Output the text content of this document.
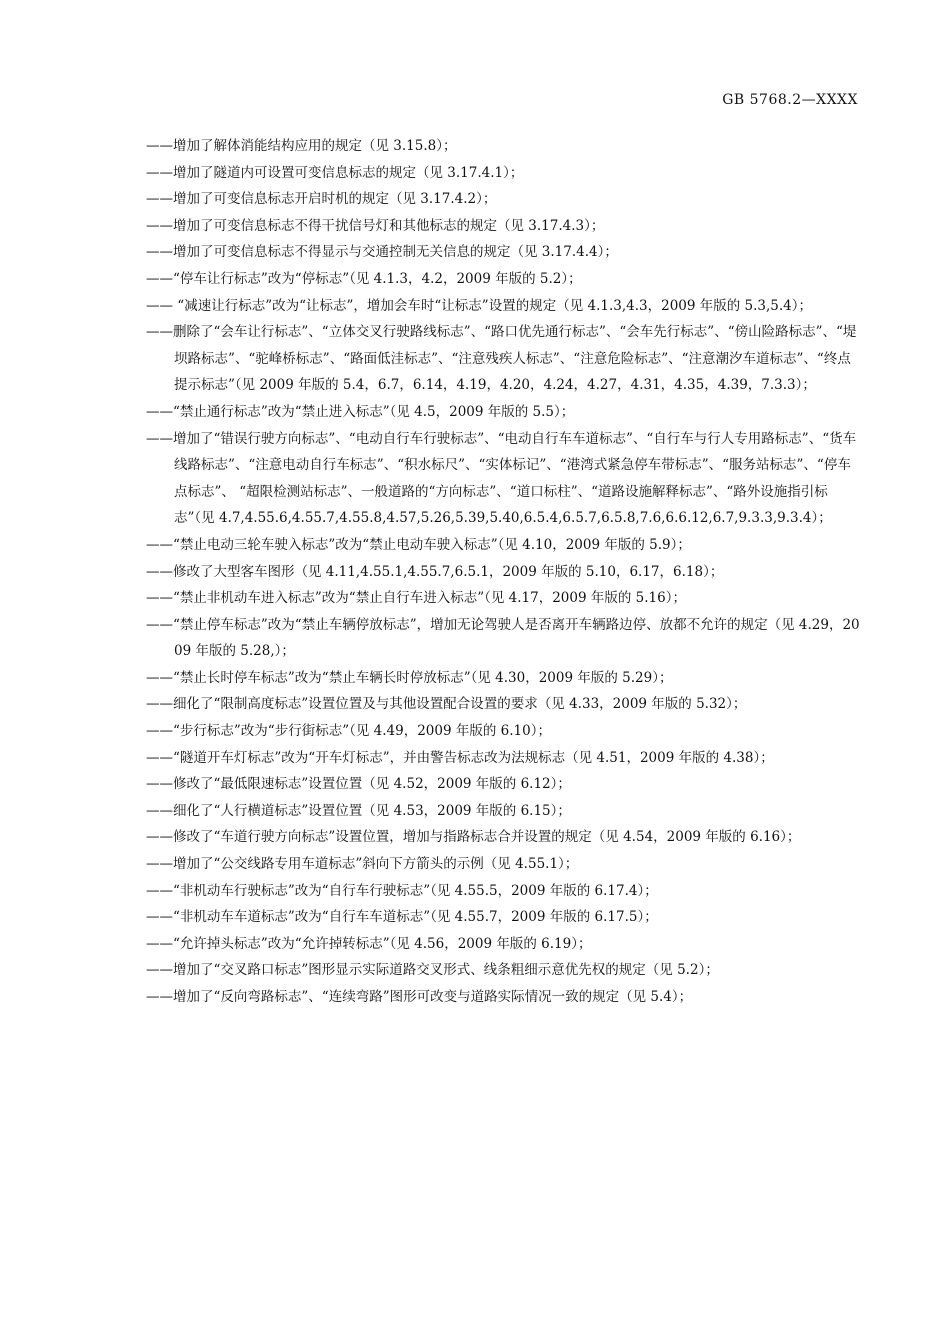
GB 5768.2—XXXX

——增加了解体消能结构应用的规定（见 3.15.8）；

——增加了隧道内可设置可变信息标志的规定（见 3.17.4.1）；

——增加了可变信息标志开启时机的规定（见 3.17.4.2）；

——增加了可变信息标志不得干扰信号灯和其他标志的规定（见 3.17.4.3）；

——增加了可变信息标志不得显示与交通控制无关信息的规定（见 3.17.4.4）；

——“停车让行标志”改为“停标志”（见 4.1.3，4.2，2009 年版的 5.2）；

—— “减速让行标志”改为“让标志”，增加会车时“让标志”设置的规定（见 4.1.3,4.3，2009 年版的 5.3,5.4）；

——删除了“会车让行标志”、“立体交叉行驶路线标志”、“路口优先通行标志”、“会车先行标志”、“傍山险路标志”、“堤坝路标志”、“驼峰桥标志”、“路面低洼标志”、“注意残疾人标志”、“注意危险标志”、“注意潮汐车道标志”、“终点提示标志”（见 2009 年版的 5.4，6.7，6.14，4.19，4.20，4.24，4.27，4.31，4.35，4.39，7.3.3）；

——“禁止通行标志”改为“禁止进入标志”（见 4.5，2009 年版的 5.5）；

——增加了“错误行驶方向标志”、“电动自行车行驶标志”、“电动自行车车道标志”、“自行车与行人专用路标志”、“货车线路标志”、“注意电动自行车标志”、“积水标尺”、“实体标记”、“港湾式紧急停车带标志”、“服务站标志”、“停车点标志”、 “超限检测站标志”、一般道路的“方向标志”、“道口标柱”、“道路设施解释标志”、“路外设施指引标志”（见 4.7,4.55.6,4.55.7,4.55.8,4.57,5.26,5.39,5.40,6.5.4,6.5.7,6.5.8,7.6,6.6.12,6.7,9.3.3,9.3.4）；

——“禁止电动三轮车驶入标志”改为“禁止电动车驶入标志”（见 4.10，2009 年版的 5.9）；

——修改了大型客车图形（见 4.11,4.55.1,4.55.7,6.5.1，2009 年版的 5.10，6.17，6.18）；

——“禁止非机动车进入标志”改为“禁止自行车进入标志”（见 4.17，2009 年版的 5.16）；

——“禁止停车标志”改为“禁止车辆停放标志”，增加无论驾驶人是否离开车辆路边停、放都不允许的规定（见 4.29，2009 年版的 5.28,）；

——“禁止长时停车标志”改为“禁止车辆长时停放标志”（见 4.30，2009 年版的 5.29）；

——细化了“限制高度标志”设置位置及与其他设置配合设置的要求（见 4.33，2009 年版的 5.32）；

——“步行标志”改为“步行街标志”（见 4.49，2009 年版的 6.10）；

——“隧道开车灯标志”改为“开车灯标志”，并由警告标志改为法规标志（见 4.51，2009 年版的 4.38）；

——修改了“最低限速标志”设置位置（见 4.52，2009 年版的 6.12）；

——细化了“人行横道标志”设置位置（见 4.53，2009 年版的 6.15）；

——修改了“车道行驶方向标志”设置位置，增加与指路标志合并设置的规定（见 4.54，2009 年版的 6.16）；

——增加了“公交线路专用车道标志”斜向下方箭头的示例（见 4.55.1）；

——“非机动车行驶标志”改为“自行车行驶标志”（见 4.55.5，2009 年版的 6.17.4）；

——“非机动车车道标志”改为“自行车车道标志”（见 4.55.7，2009 年版的 6.17.5）；

——“允许掉头标志”改为“允许掉转标志”（见 4.56，2009 年版的 6.19）；

——增加了“交叉路口标志”图形显示实际道路交叉形式、线条粗细示意优先权的规定（见 5.2）；

——增加了“反向弯路标志”、“连续弯路”图形可改变与道路实际情况一致的规定（见 5.4）；
